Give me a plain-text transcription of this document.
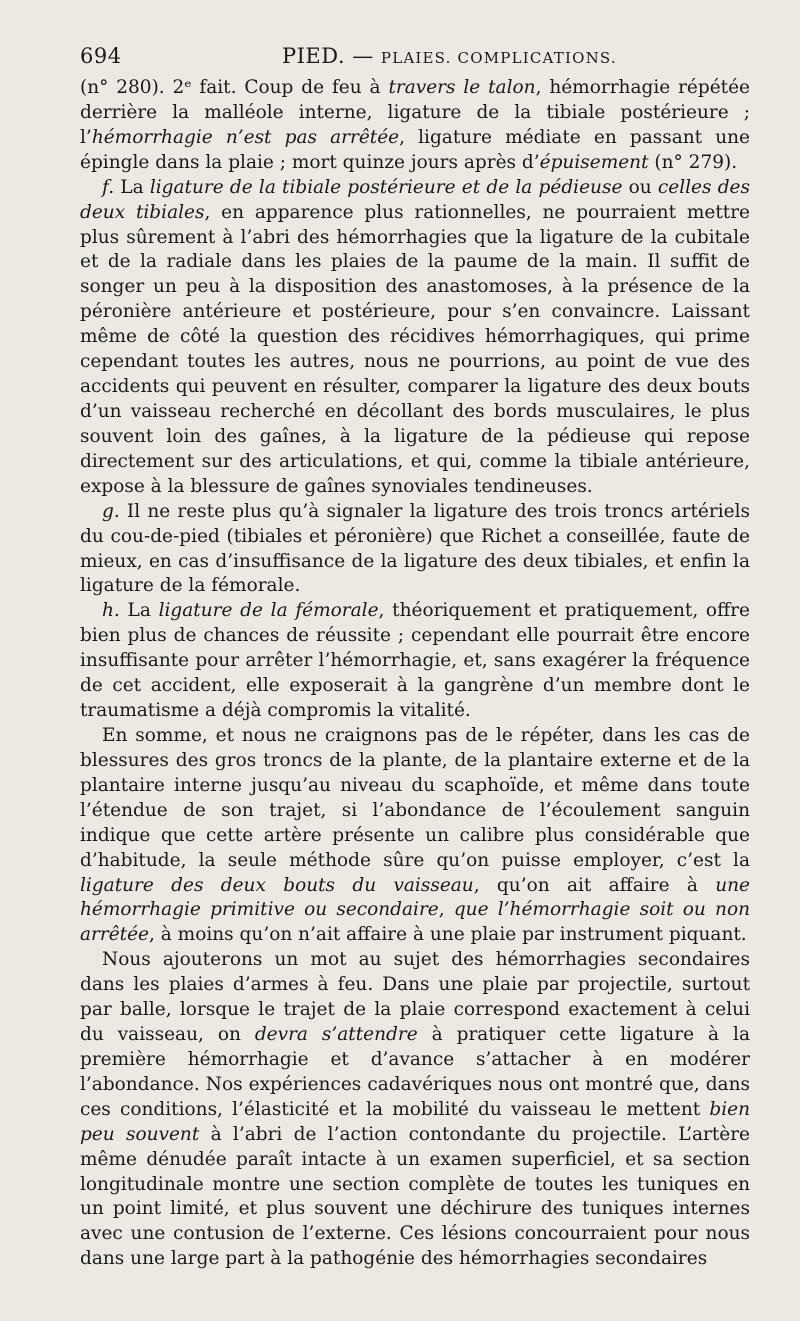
694	PIED. — PLAIES. COMPLICATIONS.

(n° 280). 2ᵉ fait. Coup de feu à travers le talon, hémorrhagie répétée derrière la malléole interne, ligature de la tibiale postérieure ; l’hémorrhagie n’est pas arrêtée, ligature médiate en passant une épingle dans la plaie ; mort quinze jours après d’épuisement (n° 279).

f. La ligature de la tibiale postérieure et de la pédieuse ou celles des deux tibiales, en apparence plus rationnelles, ne pourraient mettre plus sûrement à l’abri des hémorrhagies que la ligature de la cubitale et de la radiale dans les plaies de la paume de la main. Il suffit de songer un peu à la disposition des anastomoses, à la présence de la péronière antérieure et postérieure, pour s’en convaincre. Laissant même de côté la question des récidives hémorrhagiques, qui prime cependant toutes les autres, nous ne pourrions, au point de vue des accidents qui peuvent en résulter, comparer la ligature des deux bouts d’un vaisseau recherché en décollant des bords musculaires, le plus souvent loin des gaînes, à la ligature de la pédieuse qui repose directement sur des articulations, et qui, comme la tibiale antérieure, expose à la blessure de gaînes synoviales tendineuses.

g. Il ne reste plus qu’à signaler la ligature des trois troncs artériels du cou-de-pied (tibiales et péronière) que Richet a conseillée, faute de mieux, en cas d’insuffisance de la ligature des deux tibiales, et enfin la ligature de la fémorale.

h. La ligature de la fémorale, théoriquement et pratiquement, offre bien plus de chances de réussite ; cependant elle pourrait être encore insuffisante pour arrêter l’hémorrhagie, et, sans exagérer la fréquence de cet accident, elle exposerait à la gangrène d’un membre dont le traumatisme a déjà compromis la vitalité.

En somme, et nous ne craignons pas de le répéter, dans les cas de blessures des gros troncs de la plante, de la plantaire externe et de la plantaire interne jusqu’au niveau du scaphoïde, et même dans toute l’étendue de son trajet, si l’abondance de l’écoulement sanguin indique que cette artère présente un calibre plus considérable que d’habitude, la seule méthode sûre qu’on puisse employer, c’est la ligature des deux bouts du vaisseau, qu’on ait affaire à une hémorrhagie primitive ou secondaire, que l’hémorrhagie soit ou non arrêtée, à moins qu’on n’ait affaire à une plaie par instrument piquant.

Nous ajouterons un mot au sujet des hémorrhagies secondaires dans les plaies d’armes à feu. Dans une plaie par projectile, surtout par balle, lorsque le trajet de la plaie correspond exactement à celui du vaisseau, on devra s’attendre à pratiquer cette ligature à la première hémorrhagie et d’avance s’attacher à en modérer l’abondance. Nos expériences cadavériques nous ont montré que, dans ces conditions, l’élasticité et la mobilité du vaisseau le mettent bien peu souvent à l’abri de l’action contondante du projectile. L’artère même dénudée paraît intacte à un examen superficiel, et sa section longitudinale montre une section complète de toutes les tuniques en un point limité, et plus souvent une déchirure des tuniques internes avec une contusion de l’externe. Ces lésions concourraient pour nous dans une large part à la pathogénie des hémorrhagies secondaires
